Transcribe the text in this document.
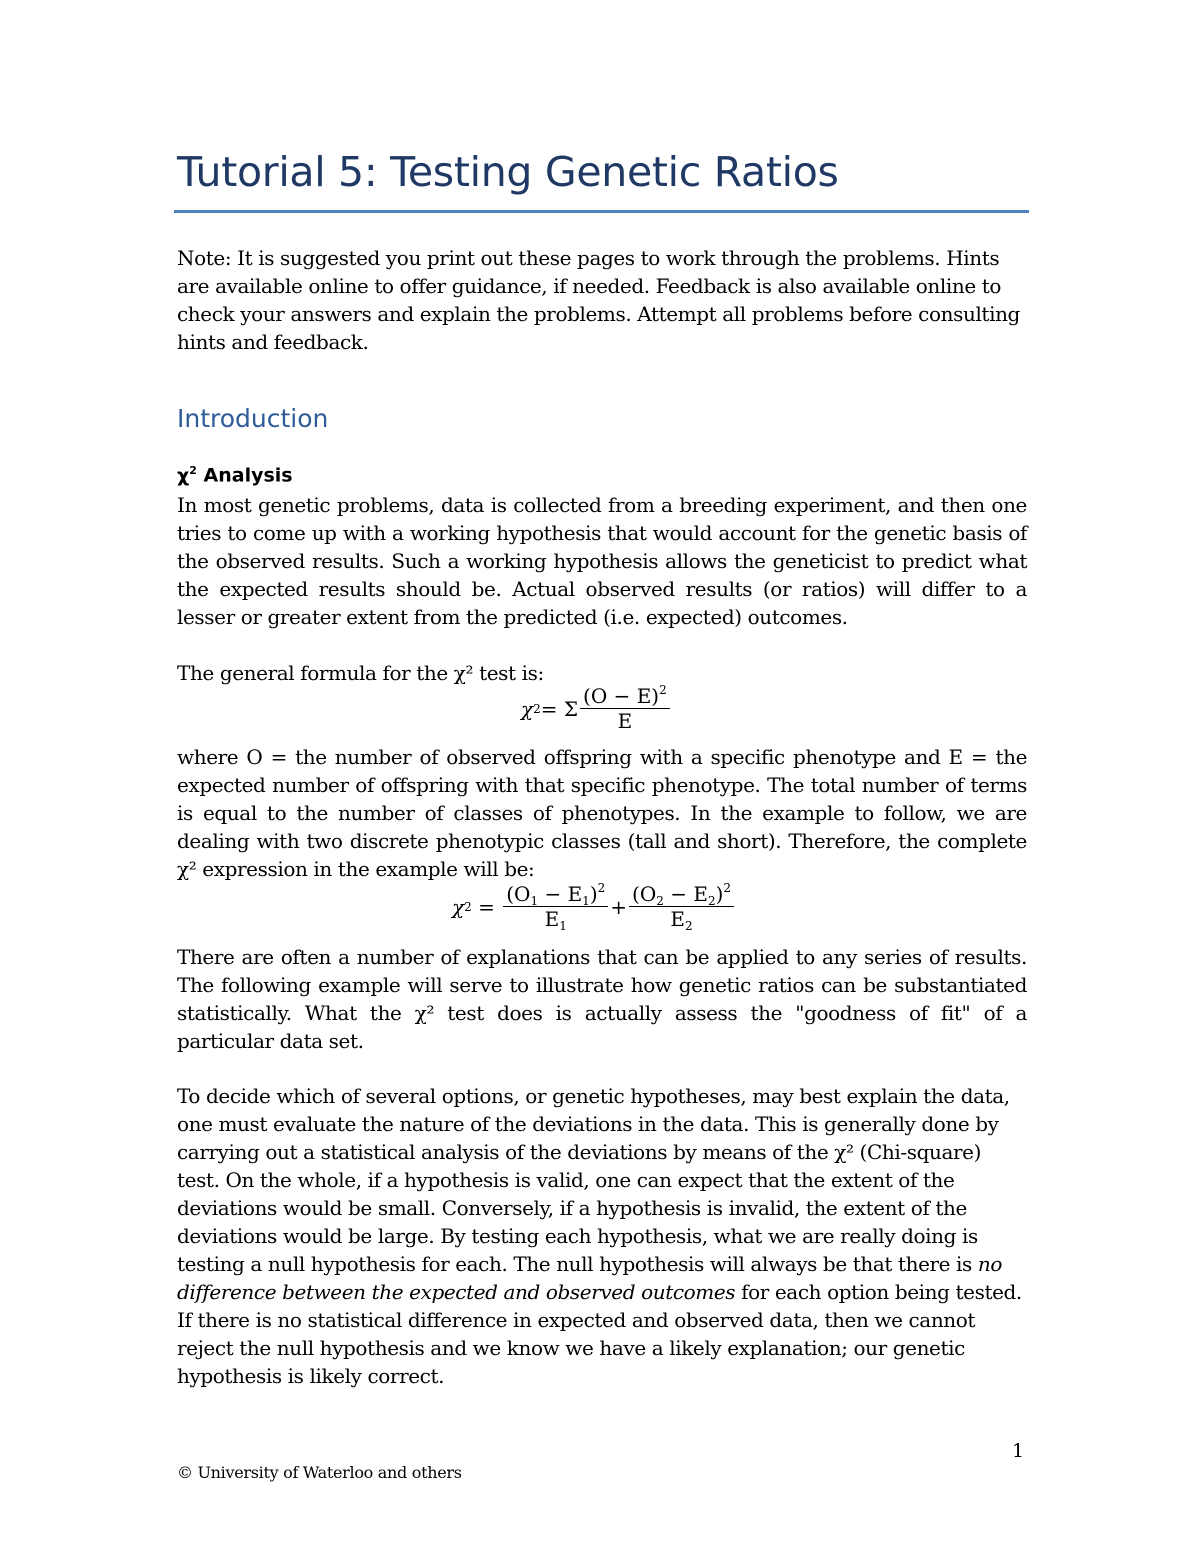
Tutorial 5: Testing Genetic Ratios
Note: It is suggested you print out these pages to work through the problems. Hints are available online to offer guidance, if needed. Feedback is also available online to check your answers and explain the problems. Attempt all problems before consulting hints and feedback.
Introduction
$\chi^2$ Analysis
In most genetic problems, data is collected from a breeding experiment, and then one tries to come up with a working hypothesis that would account for the genetic basis of the observed results. Such a working hypothesis allows the geneticist to predict what the expected results should be. Actual observed results (or ratios) will differ to a lesser or greater extent from the predicted (i.e. expected) outcomes.
The general formula for the χ² test is:
χ 2 = Σ $\frac{(O - E)^2}{E}$
where O = the number of observed offspring with a specific phenotype and E = the expected number of offspring with that specific phenotype. The total number of terms is equal to the number of classes of phenotypes. In the example to follow, we are dealing with two discrete phenotypic classes (tall and short). Therefore, the complete χ² expression in the example will be:
χ $2 = \frac{(O_1 - E_1)^2}{E_1} + \frac{(O_2 - E_2)^2}{E_2}$
There are often a number of explanations that can be applied to any series of results. The following example will serve to illustrate how genetic ratios can be substantiated statistically. What the χ² test does is actually assess the "goodness of fit" of a particular data set.
To decide which of several options, or genetic hypotheses, may best explain the data, one must evaluate the nature of the deviations in the data. This is generally done by carrying out a statistical analysis of the deviations by means of the χ² (Chi-square) test. On the whole, if a hypothesis is valid, one can expect that the extent of the deviations would be small. Conversely, if a hypothesis is invalid, the extent of the deviations would be large. By testing each hypothesis, what we are really doing is testing a null hypothesis for each. The null hypothesis will always be that there is no difference between the expected and observed outcomes for each option being tested. If there is no statistical difference in expected and observed data, then we cannot reject the null hypothesis and we know we have a likely explanation; our genetic hypothesis is likely correct.
1
© University of Waterloo and others
